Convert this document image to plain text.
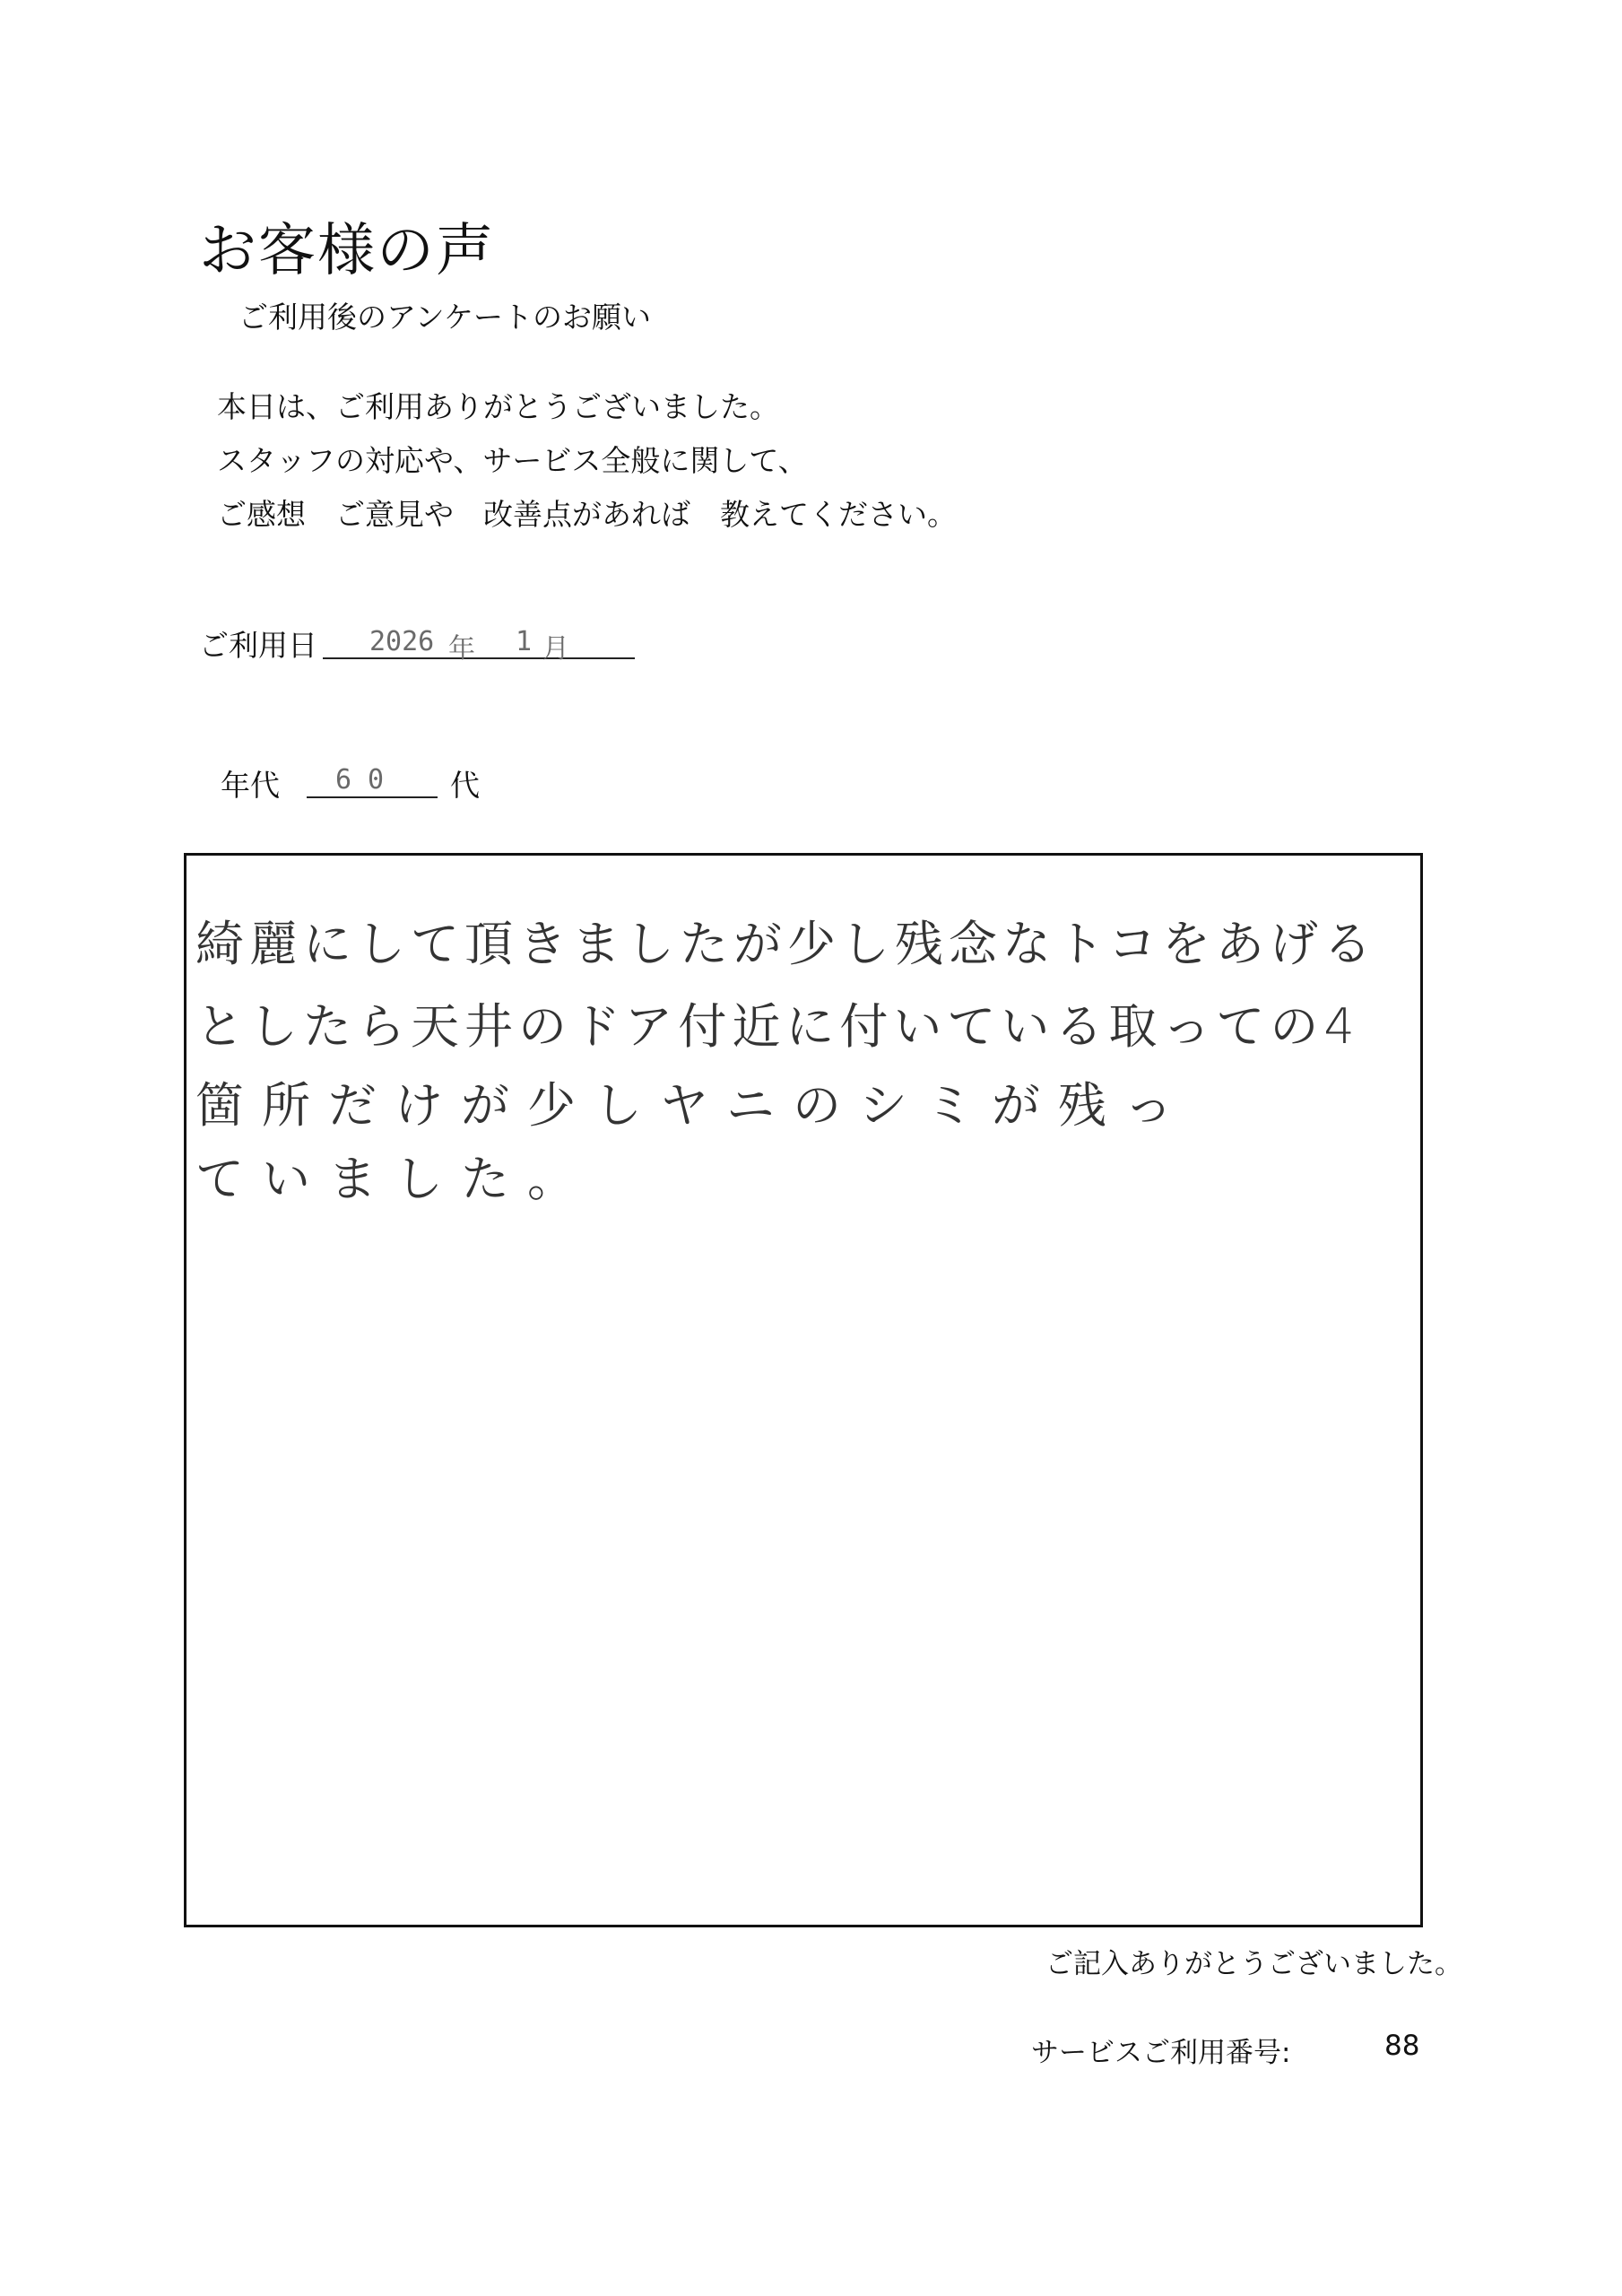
お客様の声
ご利用後のアンケートのお願い
本日は、ご利用ありがとうございました。
スタッフの対応や、サービス全般に関して、
ご感想　ご意見や　改善点があれば　教えてください。
ご利用日 2026 年 1 月
年代 60 代
綺麗にして頂きましたが少し残念なトコをあげる
としたら天井のドア付近に付いている取っての4
箇所だけが少しヤニのシミが残っ
ていました。
ご記入ありがとうございました。
サービスご利用番号:	88
